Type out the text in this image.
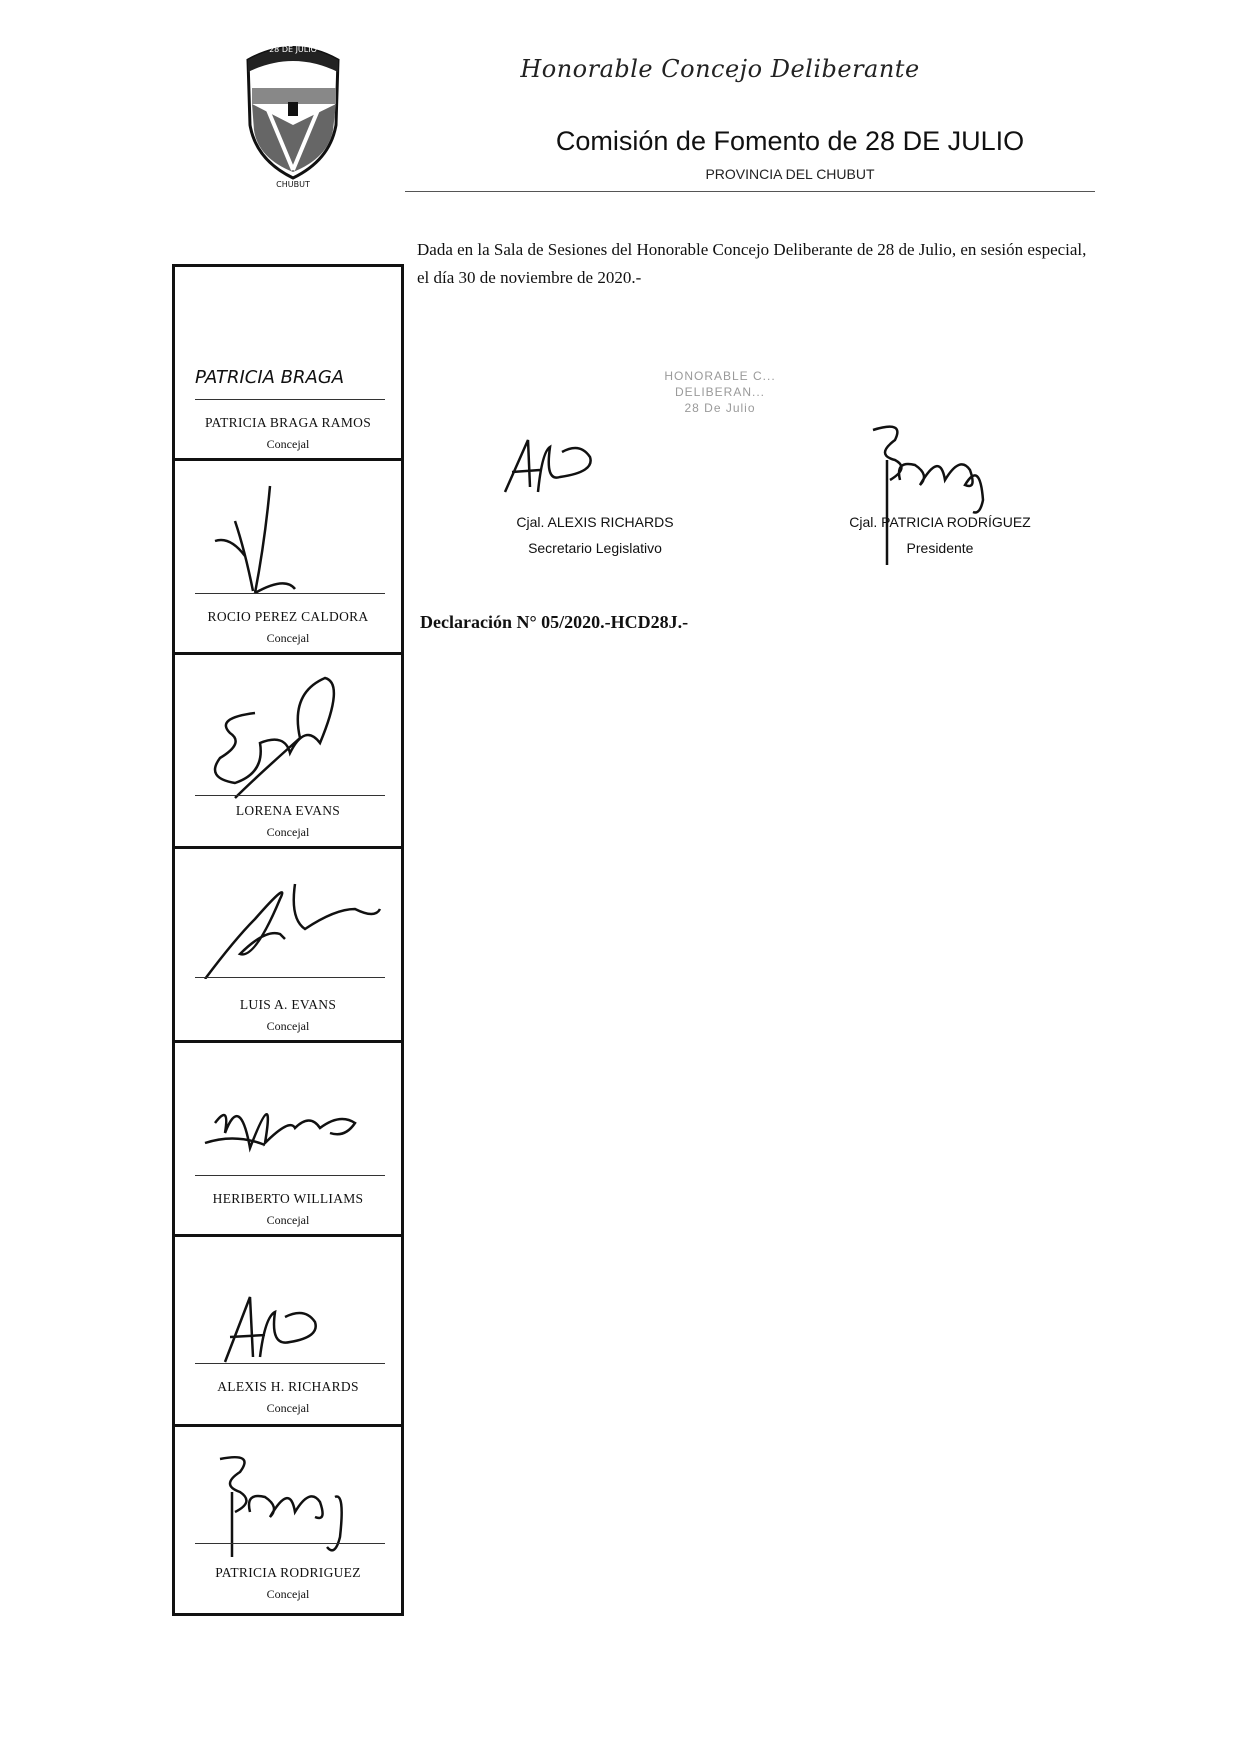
28 DE JULIO
CHUBUT
Honorable Concejo Deliberante
Comisión de Fomento de 28 DE JULIO
PROVINCIA DEL CHUBUT
Dada en la Sala de Sesiones del Honorable Concejo Deliberante de 28 de Julio, en sesión especial, el día 30 de noviembre de 2020.-
HONORABLE C...
DELIBERAN...
28 De Julio
Cjal. ALEXIS RICHARDS
Secretario Legislativo
Cjal. PATRICIA RODRÍGUEZ
Presidente
Declaración N° 05/2020.-HCD28J.-
PATRICIA BRAGA
PATRICIA BRAGA RAMOS
Concejal
ROCIO PEREZ CALDORA
Concejal
LORENA EVANS
Concejal
LUIS A. EVANS
Concejal
HERIBERTO WILLIAMS
Concejal
ALEXIS H. RICHARDS
Concejal
PATRICIA RODRIGUEZ
Concejal
